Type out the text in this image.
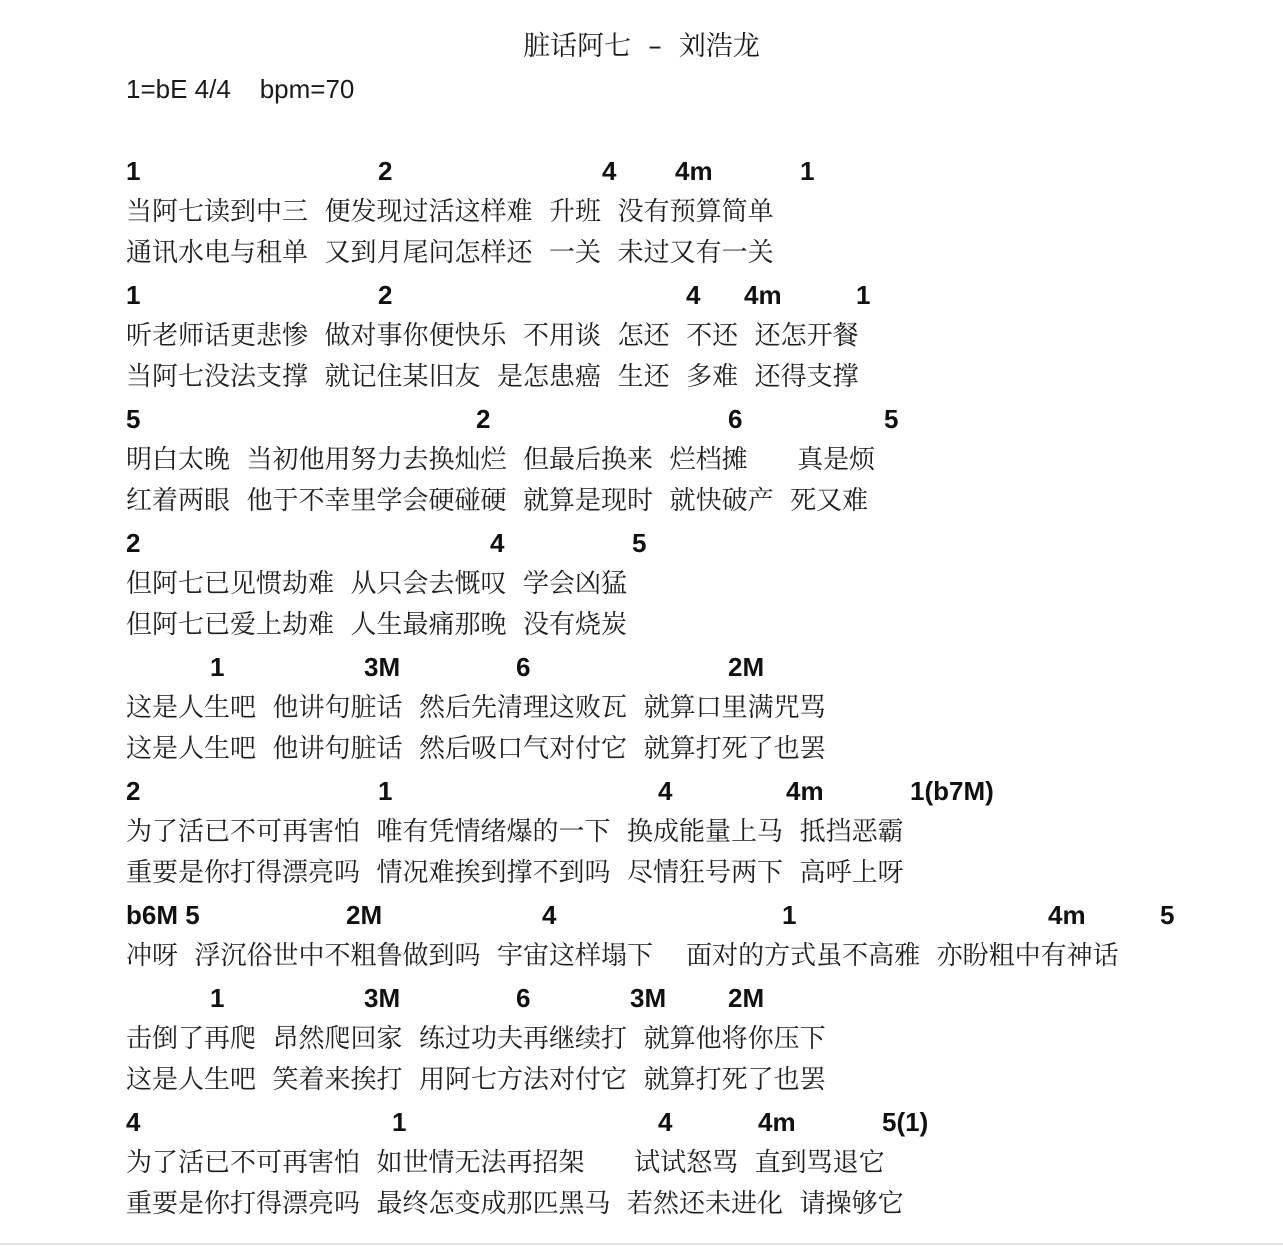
脏话阿七  –  刘浩龙
1=bE 4/4    bpm=70
1	2	4 4m	1
当阿七读到中三  便发现过活这样难  升班  没有预算简单
通讯水电与租单  又到月尾问怎样还  一关  未过又有一关
1	2	4 4m	1
听老师话更悲惨  做对事你便快乐  不用谈  怎还  不还  还怎开餐
当阿七没法支撑  就记住某旧友  是怎患癌  生还  多难  还得支撑
5	2	6	5
明白太晚  当初他用努力去换灿烂  但最后换来  烂档摊      真是烦
红着两眼  他于不幸里学会硬碰硬  就算是现时  就快破产  死又难
2	4	5
但阿七已见惯劫难  从只会去慨叹  学会凶猛
但阿七已爱上劫难  人生最痛那晚  没有烧炭
1	3M	6	2M
这是人生吧  他讲句脏话  然后先清理这败瓦  就算口里满咒骂
这是人生吧  他讲句脏话  然后吸口气对付它  就算打死了也罢
2	1	4	4m	1(b7M)
为了活已不可再害怕  唯有凭情绪爆的一下  换成能量上马  抵挡恶霸
重要是你打得漂亮吗  情况难挨到撑不到吗  尽情狂号两下  高呼上呀
b6M 5	2M	4	1	4m	5
冲呀  浮沉俗世中不粗鲁做到吗  宇宙这样塌下    面对的方式虽不高雅  亦盼粗中有神话
1	3M	6	3M 2M
击倒了再爬  昂然爬回家  练过功夫再继续打  就算他将你压下
这是人生吧  笑着来挨打  用阿七方法对付它  就算打死了也罢
4	1	4	4m	5(1)
为了活已不可再害怕  如世情无法再招架      试试怒骂  直到骂退它
重要是你打得漂亮吗  最终怎变成那匹黑马  若然还未进化  请操够它
